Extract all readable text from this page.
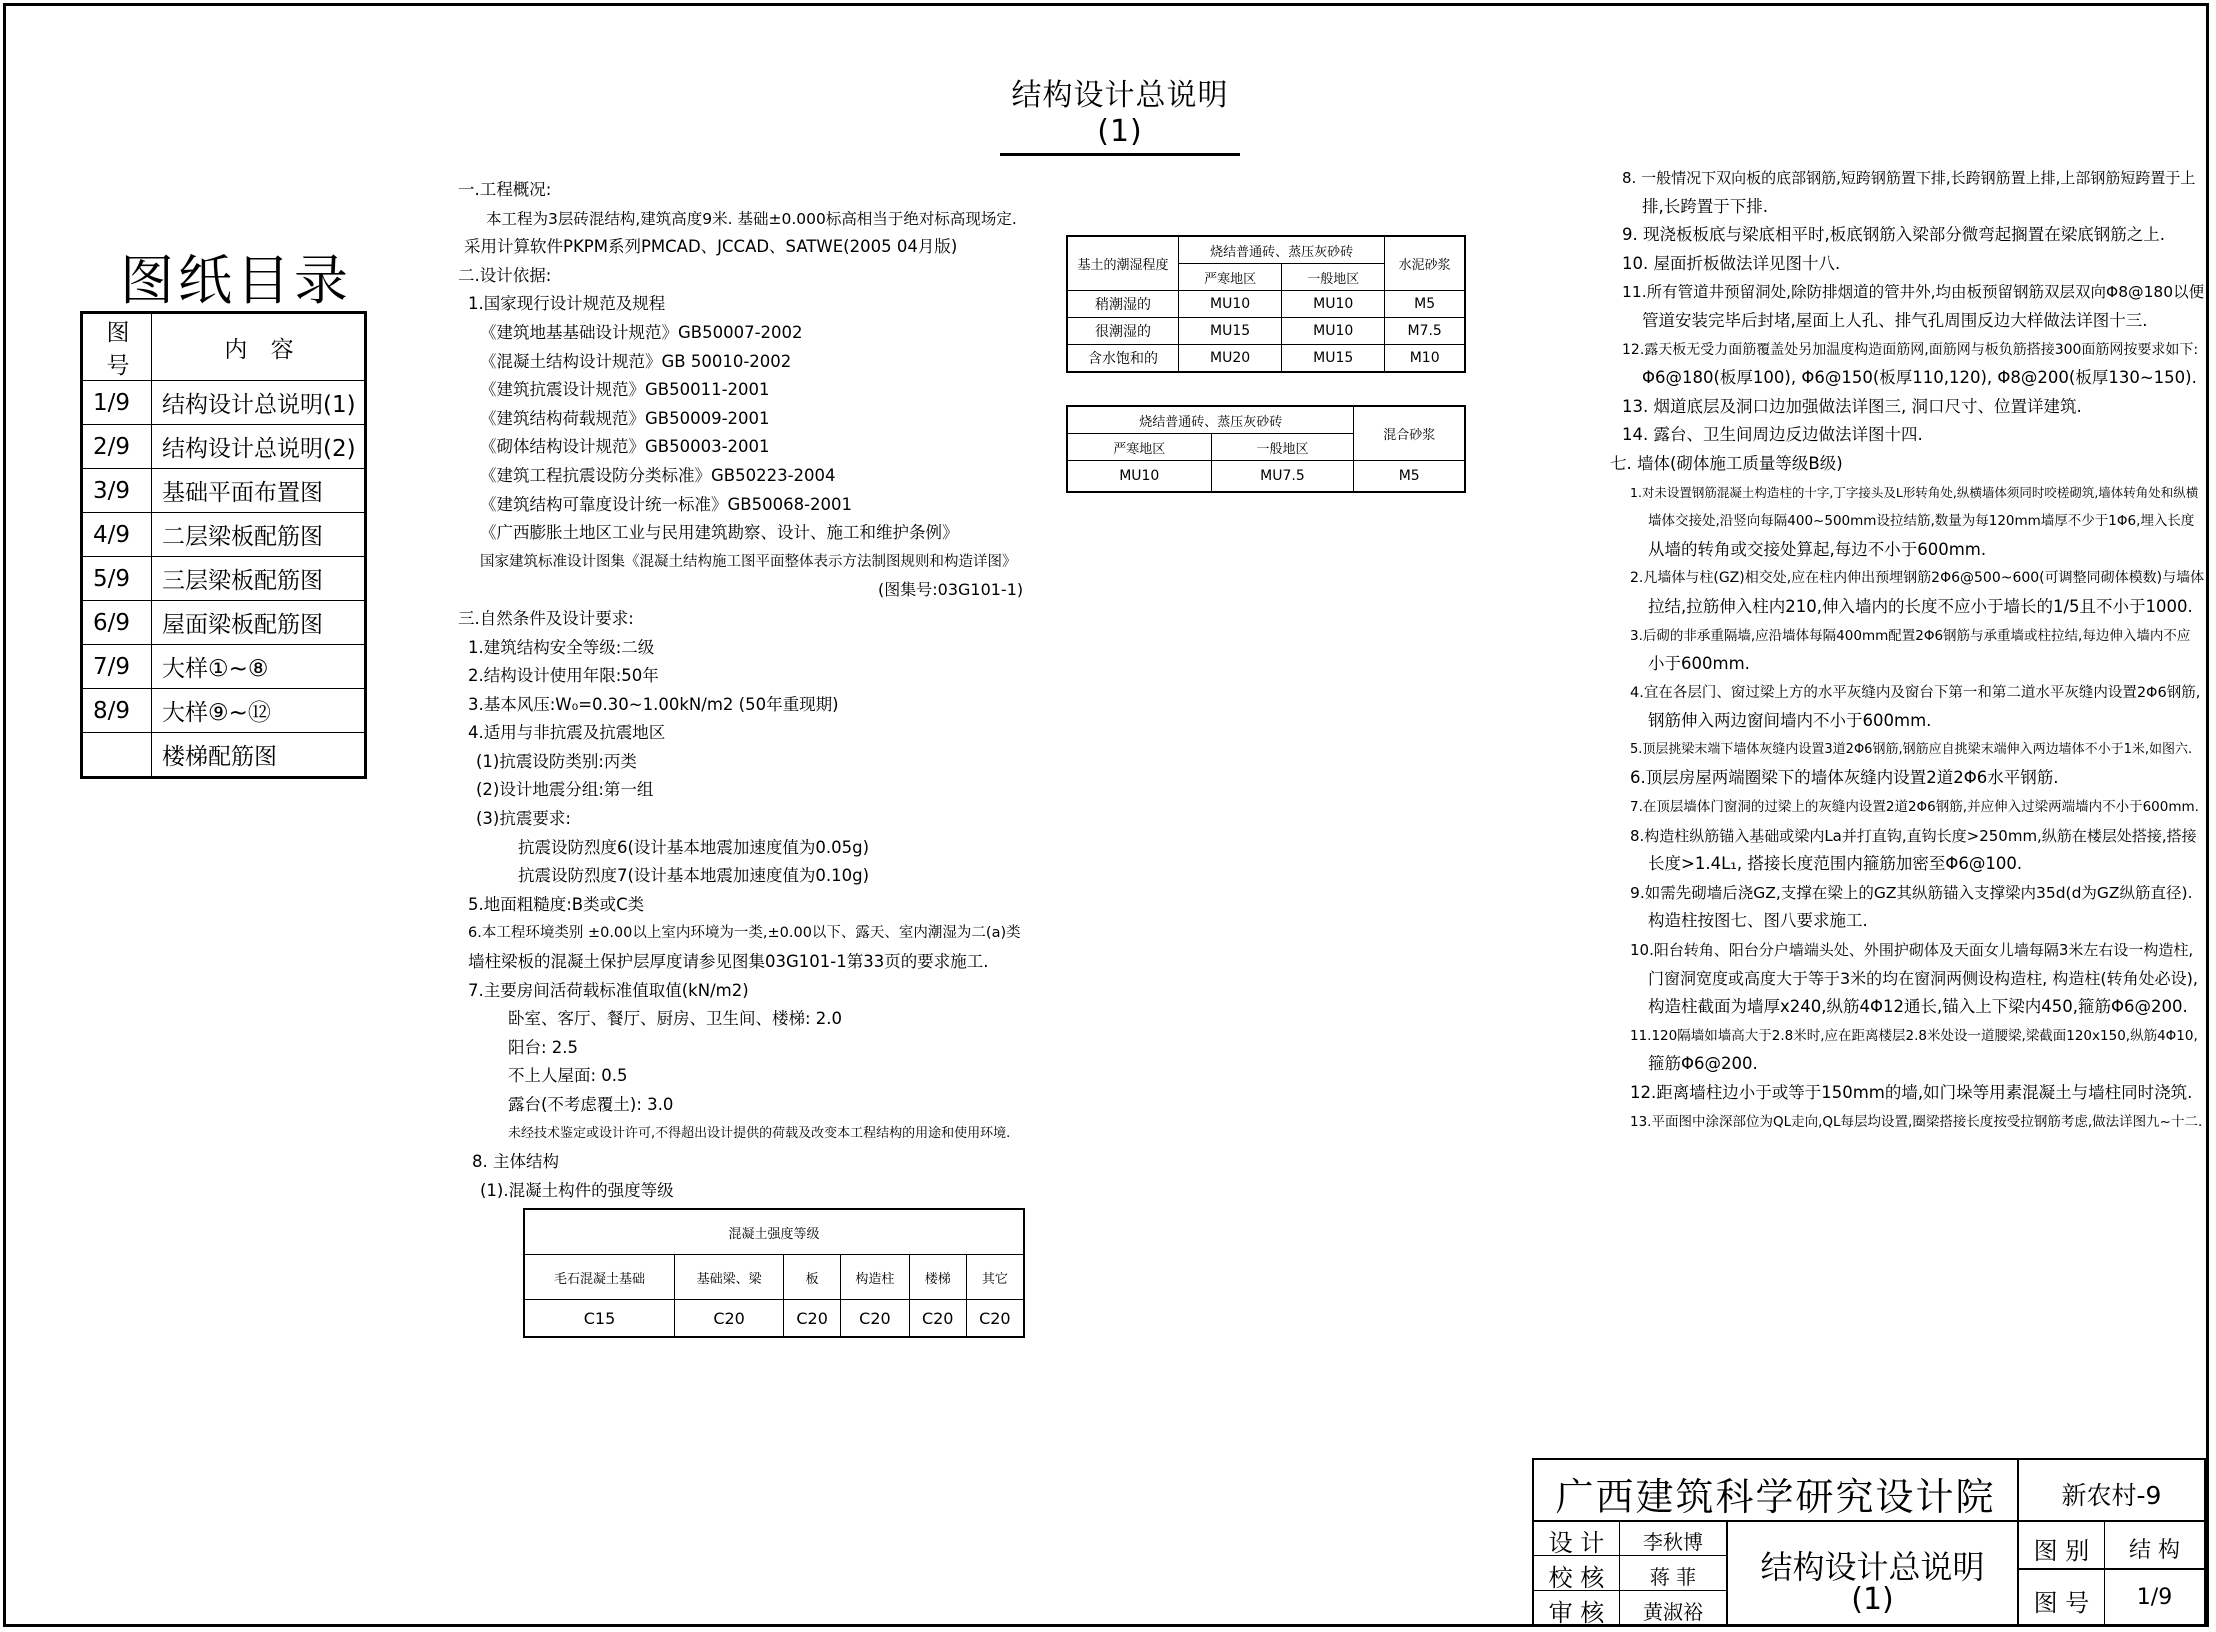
结构设计总说明(1)
图纸目录
图 号	内 容
1/9	结构设计总说明(1)
2/9	结构设计总说明(2)
3/9	基础平面布置图
4/9	二层梁板配筋图
5/9	三层梁板配筋图
6/9	屋面梁板配筋图
7/9	大样①~⑧
8/9	大样⑨~⑫
	楼梯配筋图
一.工程概况:
本工程为3层砖混结构,建筑高度9米. 基础±0.000标高相当于绝对标高现场定.
采用计算软件PKPM系列PMCAD、JCCAD、SATWE(2005 04月版)
二.设计依据:
1.国家现行设计规范及规程
《建筑地基基础设计规范》GB50007-2002
《混凝土结构设计规范》GB 50010-2002
《建筑抗震设计规范》GB50011-2001
《建筑结构荷载规范》GB50009-2001
《砌体结构设计规范》GB50003-2001
《建筑工程抗震设防分类标准》GB50223-2004
《建筑结构可靠度设计统一标准》GB50068-2001
《广西膨胀土地区工业与民用建筑勘察、设计、施工和维护条例》
国家建筑标准设计图集《混凝土结构施工图平面整体表示方法制图规则和构造详图》
(图集号:03G101-1)
三.自然条件及设计要求:
1.建筑结构安全等级:二级
2.结构设计使用年限:50年
3.基本风压:W₀=0.30~1.00kN/m2 (50年重现期)
4.适用与非抗震及抗震地区
(1)抗震设防类别:丙类
(2)设计地震分组:第一组
(3)抗震要求:
抗震设防烈度6(设计基本地震加速度值为0.05g)
抗震设防烈度7(设计基本地震加速度值为0.10g)
5.地面粗糙度:B类或C类
6.本工程环境类别 ±0.00以上室内环境为一类,±0.00以下、露天、室内潮湿为二(a)类
墙柱梁板的混凝土保护层厚度请参见图集03G101-1第33页的要求施工.
7.主要房间活荷载标准值取值(kN/m2)
卧室、客厅、餐厅、厨房、卫生间、楼梯: 2.0
阳台: 2.5
不上人屋面: 0.5
露台(不考虑覆土): 3.0
未经技术鉴定或设计许可,不得超出设计提供的荷载及改变本工程结构的用途和使用环境.
8. 主体结构
(1).混凝土构件的强度等级
混凝土强度等级					
毛石混凝土基础	基础梁、梁	板	构造柱	楼梯	其它
C15	C20	C20	C20	C20	C20
基土的潮湿程度	烧结普通砖、蒸压灰砂砖		水泥砂浆
	严寒地区	一般地区	
稍潮湿的	MU10	MU10	M5
很潮湿的	MU15	MU10	M7.5
含水饱和的	MU20	MU15	M10
烧结普通砖、蒸压灰砂砖		混合砂浆
严寒地区	一般地区	
MU10	MU7.5	M5
8. 一般情况下双向板的底部钢筋,短跨钢筋置下排,长跨钢筋置上排,上部钢筋短跨置于上
排,长跨置于下排.
9. 现浇板板底与梁底相平时,板底钢筋入梁部分微弯起搁置在梁底钢筋之上.
10. 屋面折板做法详见图十八.
11.所有管道井预留洞处,除防排烟道的管井外,均由板预留钢筋双层双向Φ8@180以便
管道安装完毕后封堵,屋面上人孔、排气孔周围反边大样做法详图十三.
12.露天板无受力面筋覆盖处另加温度构造面筋网,面筋网与板负筋搭接300面筋网按要求如下:
Φ6@180(板厚100), Φ6@150(板厚110,120), Φ8@200(板厚130~150).
13. 烟道底层及洞口边加强做法详图三, 洞口尺寸、位置详建筑.
14. 露台、卫生间周边反边做法详图十四.
七. 墙体(砌体施工质量等级B级)
1.对未设置钢筋混凝土构造柱的十字,丁字接头及L形转角处,纵横墙体须同时咬槎砌筑,墙体转角处和纵横
墙体交接处,沿竖向每隔400~500mm设拉结筋,数量为每120mm墙厚不少于1Φ6,埋入长度
从墙的转角或交接处算起,每边不小于600mm.
2.凡墙体与柱(GZ)相交处,应在柱内伸出预埋钢筋2Φ6@500~600(可调整同砌体模数)与墙体
拉结,拉筋伸入柱内210,伸入墙内的长度不应小于墙长的1/5且不小于1000.
3.后砌的非承重隔墙,应沿墙体每隔400mm配置2Φ6钢筋与承重墙或柱拉结,每边伸入墙内不应
小于600mm.
4.宜在各层门、窗过梁上方的水平灰缝内及窗台下第一和第二道水平灰缝内设置2Φ6钢筋,
钢筋伸入两边窗间墙内不小于600mm.
5.顶层挑梁末端下墙体灰缝内设置3道2Φ6钢筋,钢筋应自挑梁末端伸入两边墙体不小于1米,如图六.
6.顶层房屋两端圈梁下的墙体灰缝内设置2道2Φ6水平钢筋.
7.在顶层墙体门窗洞的过梁上的灰缝内设置2道2Φ6钢筋,并应伸入过梁两端墙内不小于600mm.
8.构造柱纵筋锚入基础或梁内La并打直钩,直钩长度>250mm,纵筋在楼层处搭接,搭接
长度>1.4L₁, 搭接长度范围内箍筋加密至Φ6@100.
9.如需先砌墙后浇GZ,支撑在梁上的GZ其纵筋锚入支撑梁内35d(d为GZ纵筋直径).
构造柱按图七、图八要求施工.
10.阳台转角、阳台分户墙端头处、外围护砌体及天面女儿墙每隔3米左右设一构造柱,
门窗洞宽度或高度大于等于3米的均在窗洞两侧设构造柱, 构造柱(转角处必设),
构造柱截面为墙厚x240,纵筋4Φ12通长,锚入上下梁内450,箍筋Φ6@200.
11.120隔墙如墙高大于2.8米时,应在距离楼层2.8米处设一道腰梁,梁截面120x150,纵筋4Φ10,
箍筋Φ6@200.
12.距离墙柱边小于或等于150mm的墙,如门垛等用素混凝土与墙柱同时浇筑.
13.平面图中涂深部位为QL走向,QL每层均设置,圈梁搭接长度按受拉钢筋考虑,做法详图九~十二.
广西建筑科学研究设计院	新农村-9
设 计	李秋博
校 核	蒋 菲
审 核	黄淑裕
结构设计总说明
(1)
图 别	结 构
图 号	1/9
